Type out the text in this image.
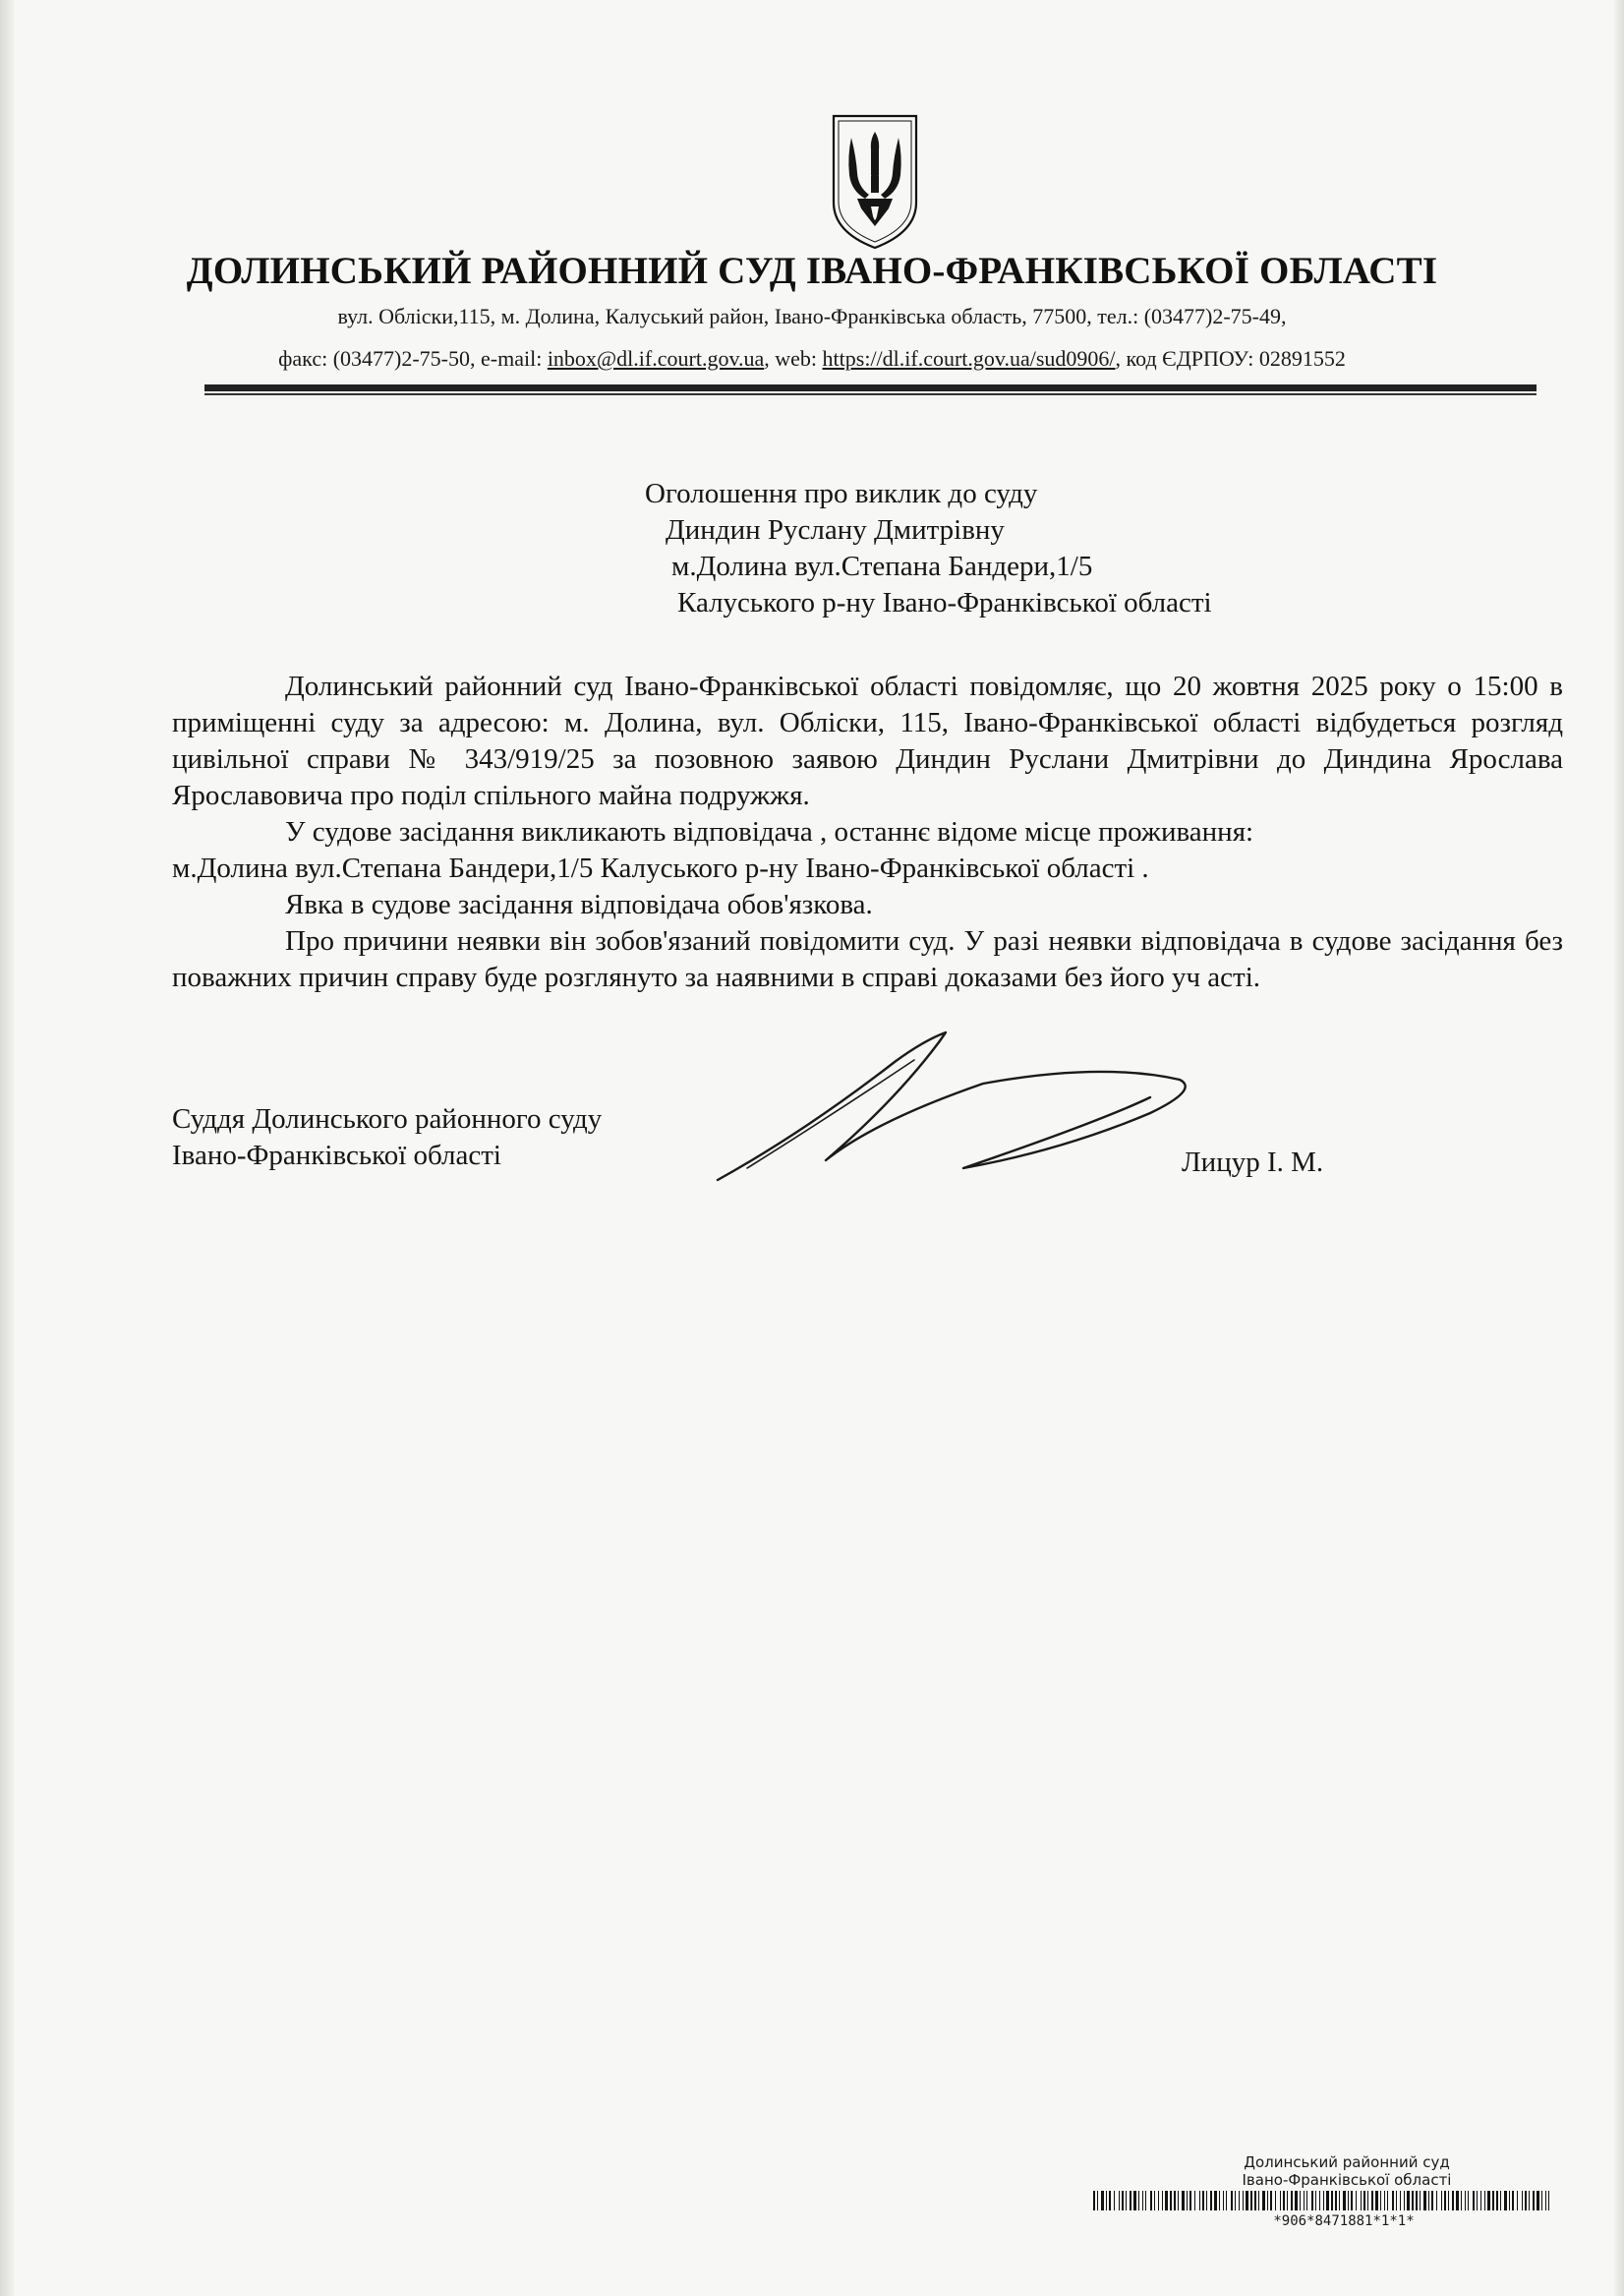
ДОЛИНСЬКИЙ РАЙОННИЙ СУД ІВАНО-ФРАНКІВСЬКОЇ ОБЛАСТІ
вул. Обліски,115, м. Долина, Калуський район, Івано-Франківська область, 77500, тел.: (03477)2-75-49,
факс: (03477)2-75-50, e-mail: inbox@dl.if.court.gov.ua, web: https://dl.if.court.gov.ua/sud0906/, код ЄДРПОУ: 02891552
Оголошення про виклик до суду
Диндин Руслану Дмитрівну
м.Долина вул.Степана Бандери,1/5
Калуського р-ну Івано-Франківської області

Долинський районний суд Івано-Франківської області повідомляє, що 20 жовтня 2025 року о 15:00 в приміщенні суду за адресою: м. Долина, вул. Обліски, 115, Івано-Франківської області відбудеться розгляд цивільної справи № 343/919/25 за позовною заявою Диндин Руслани Дмитрівни до Диндина Ярослава Ярославовича про поділ спільного майна подружжя.

У судове засідання викликають відповідача , останнє відоме місце проживання:

м.Долина вул.Степана Бандери,1/5 Калуського р-ну Івано-Франківської області .

Явка в судове засідання відповідача обов'язкова.

Про причини неявки він зобов'язаний повідомити суд. У разі неявки відповідача в судове засідання без поважних причин справу буде розглянуто за наявними в справі доказами без його уч асті.

Суддя Долинського районного суду
Івано-Франківської області	Лицур І. М.
Долинський районний суд
Івано-Франківської області
*906*8471881*1*1*
